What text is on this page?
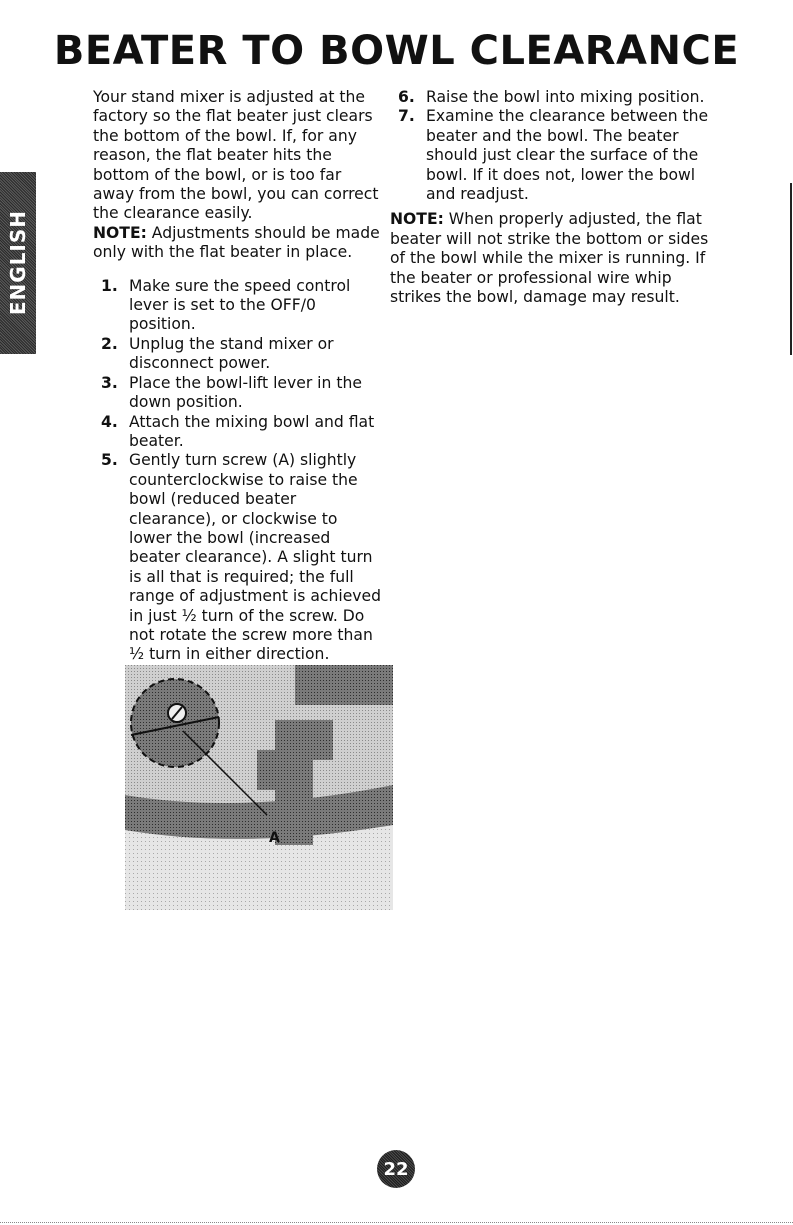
BEATER TO BOWL CLEARANCE
ENGLISH

Your stand mixer is adjusted at the factory so the flat beater just clears the bottom of the bowl. If, for any reason, the flat beater hits the bottom of the bowl, or is too far away from the bowl, you can correct the clearance easily.

NOTE: Adjustments should be made only with the flat beater in place.

1. Make sure the speed control lever is set to the OFF/0 position.
2. Unplug the stand mixer or disconnect power.
3. Place the bowl-lift lever in the down position.
4. Attach the mixing bowl and flat beater.
5. Gently turn screw (A) slightly counterclockwise to raise the bowl (reduced beater clearance), or clockwise to lower the bowl (increased beater clearance). A slight turn is all that is required; the full range of adjustment is achieved in just ½ turn of the screw. Do not rotate the screw more than ½ turn in either direction.
6. Raise the bowl into mixing position.
7. Examine the clearance between the beater and the bowl. The beater should just clear the surface of the bowl. If it does not, lower the bowl and readjust.

NOTE: When properly adjusted, the flat beater will not strike the bottom or sides of the bowl while the mixer is running. If the beater or professional wire whip strikes the bowl, damage may result.

A
22
